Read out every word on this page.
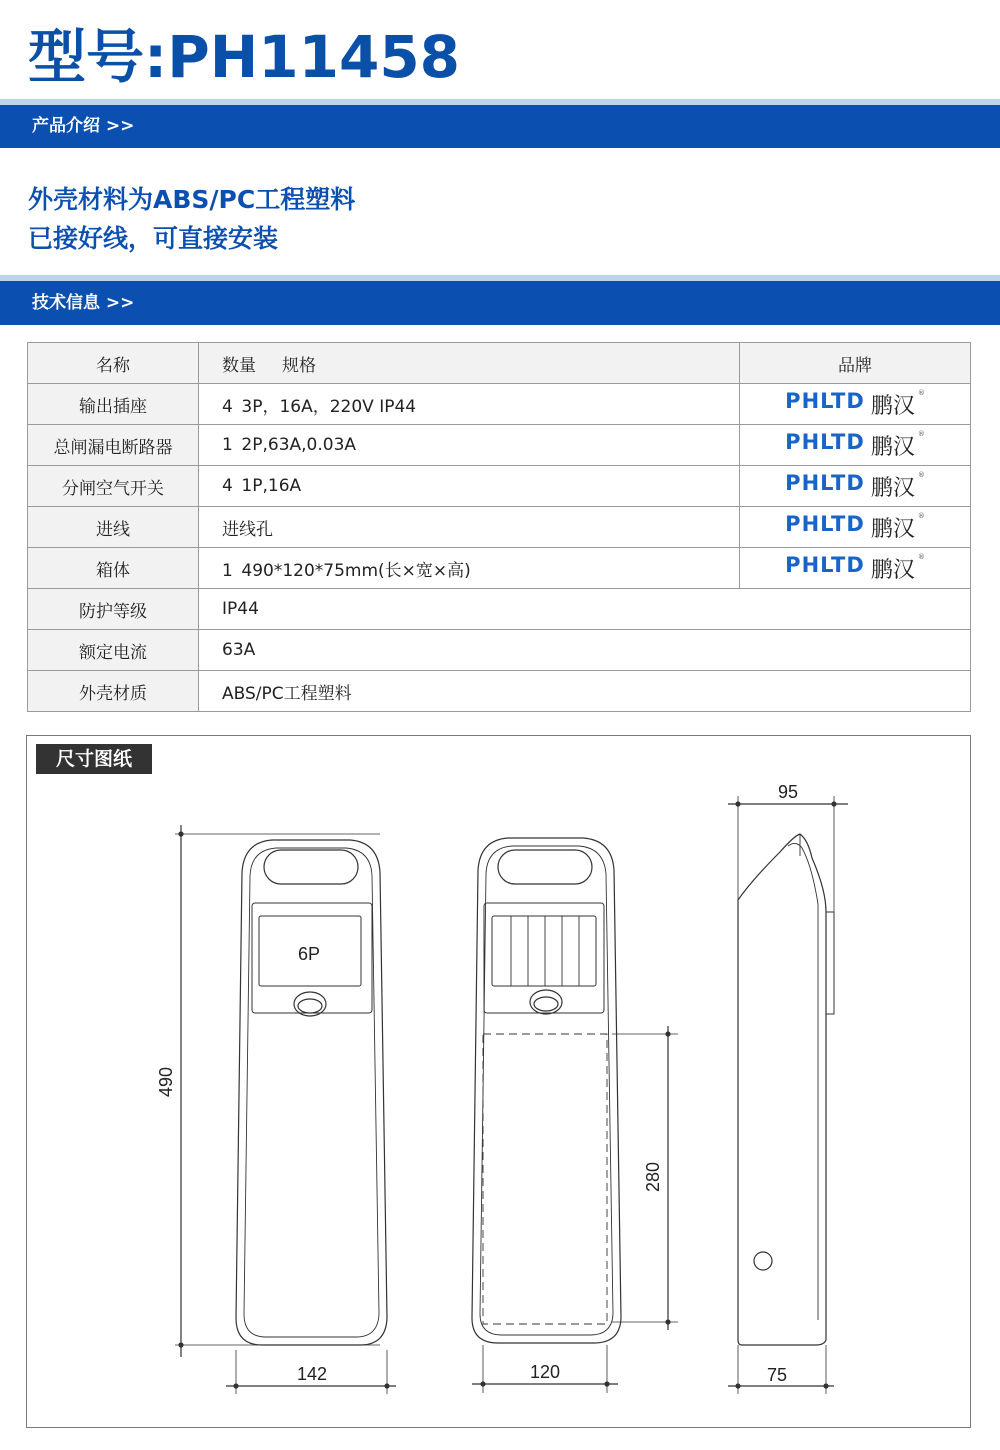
型号:PH11458
产品介绍 >>

外壳材料为ABS/PC工程塑料

已接好线，可直接安装

技术信息 >>
名称	数量 规格	品牌
输出插座	4 3P，16A，220V IP44	PHLTD 鹏汉
®

总闸漏电断路器	1 2P,63A,0.03A	PHLTD 鹏汉
®

分闸空气开关	4 1P,16A	PHLTD 鹏汉
®

进线	进线孔	PHLTD 鹏汉
®

箱体	1 490*120*75mm(长×宽×高)	PHLTD 鹏汉
®

防护等级	IP44	
额定电流	63A	
外壳材质	ABS/PC工程塑料	
尺寸图纸
6P
490
142
280
120
95
75
